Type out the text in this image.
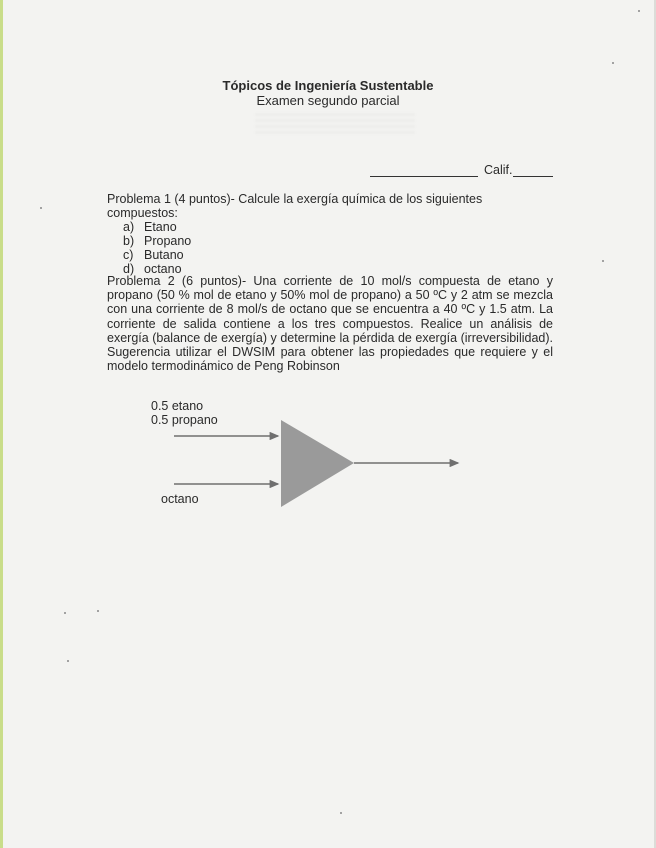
Tópicos de Ingeniería Sustentable
Examen segundo parcial
Calif.
Problema 1 (4 puntos)- Calcule la exergía química de los siguientes compuestos:
a) Etano
b) Propano
c) Butano
d) octano
Problema 2 (6 puntos)- Una corriente de 10 mol/s compuesta de etano y propano (50 % mol de etano y 50% mol de propano) a 50 ºC y 2 atm se mezcla con una corriente de 8 mol/s de octano que se encuentra a 40 ºC y 1.5 atm. La corriente de salida contiene a los tres compuestos. Realice un análisis de exergía (balance de exergía) y determine la pérdida de exergía (irreversibilidad). Sugerencia utilizar el DWSIM para obtener las propiedades que requiere y el modelo termodinámico de Peng Robinson
0.5 etano
0.5 propano
octano
